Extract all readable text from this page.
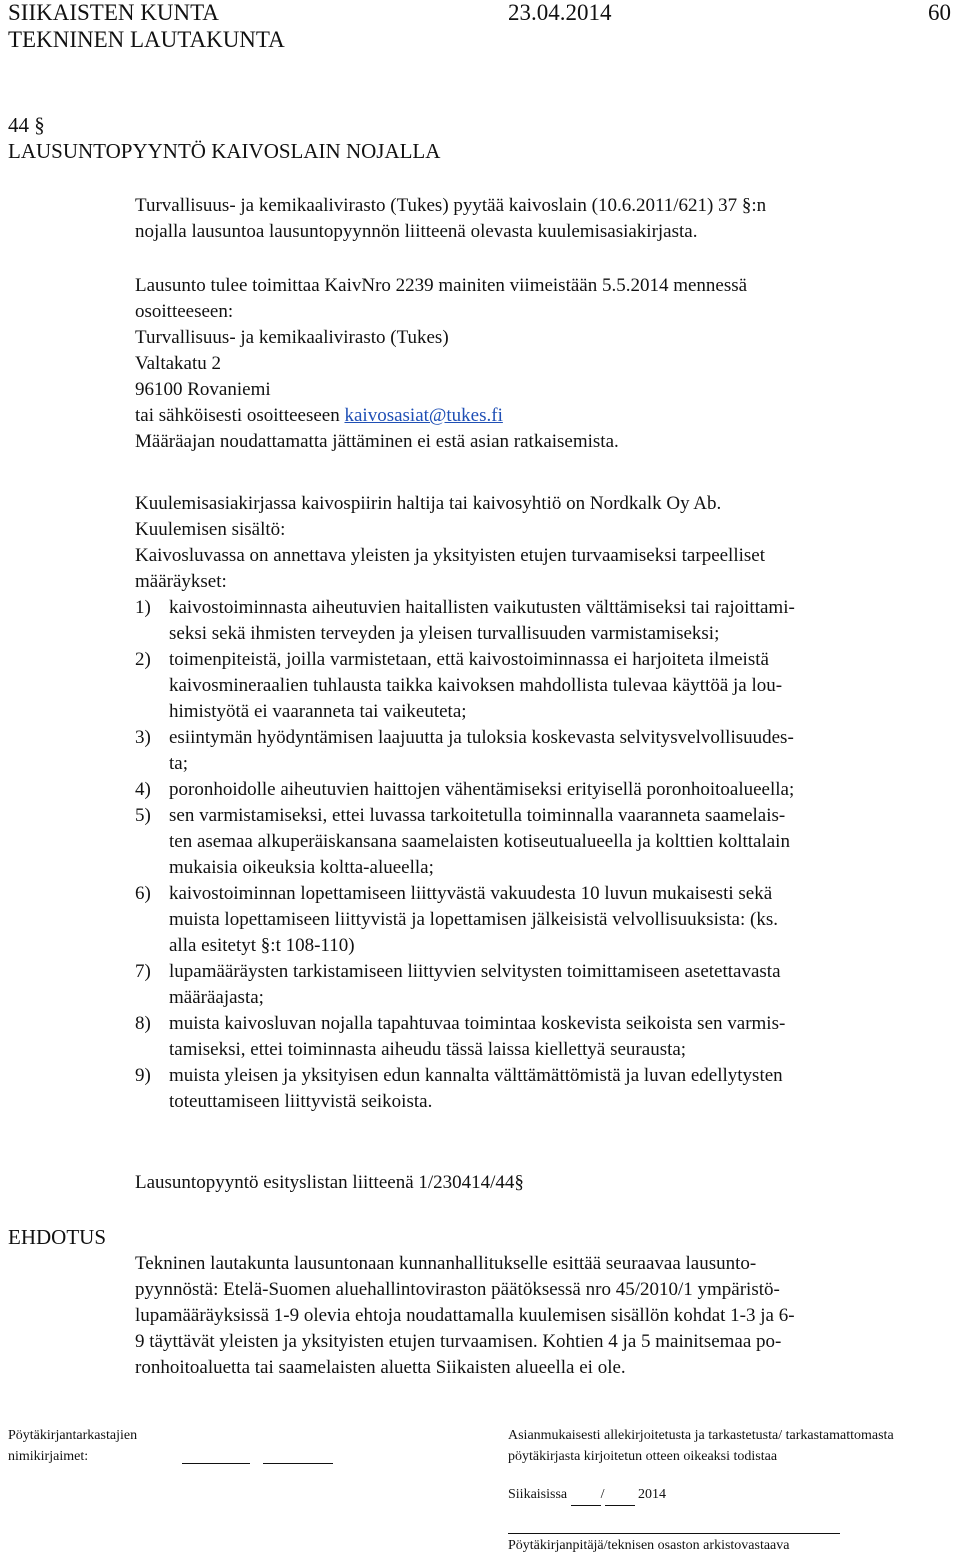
SIIKAISTEN KUNTA	23.04.2014	60
TEKNINEN LAUTAKUNTA
44 §
LAUSUNTOPYYNTÖ KAIVOSLAIN NOJALLA
Turvallisuus- ja kemikaalivirasto (Tukes) pyytää kaivoslain (10.6.2011/621) 37 §:n
nojalla lausuntoa lausuntopyynnön liitteenä olevasta kuulemisasiakirjasta.
Lausunto tulee toimittaa KaivNro 2239 mainiten viimeistään 5.5.2014 mennessä
osoitteeseen:
Turvallisuus- ja kemikaalivirasto (Tukes)
Valtakatu 2
96100 Rovaniemi
tai sähköisesti osoitteeseen kaivosasiat@tukes.fi
Määräajan noudattamatta jättäminen ei estä asian ratkaisemista.
Kuulemisasiakirjassa kaivospiirin haltija tai kaivosyhtiö on Nordkalk Oy Ab.
Kuulemisen sisältö:
Kaivosluvassa on annettava yleisten ja yksityisten etujen turvaamiseksi tarpeelliset
määräykset:
1) kaivostoiminnasta aiheutuvien haitallisten vaikutusten välttämiseksi tai rajoittami-
seksi sekä ihmisten terveyden ja yleisen turvallisuuden varmistamiseksi;
2) toimenpiteistä, joilla varmistetaan, että kaivostoiminnassa ei harjoiteta ilmeistä
kaivosmineraalien tuhlausta taikka kaivoksen mahdollista tulevaa käyttöä ja lou-
himistyötä ei vaaranneta tai vaikeuteta;
3) esiintymän hyödyntämisen laajuutta ja tuloksia koskevasta selvitysvelvollisuudes-
ta;
4) poronhoidolle aiheutuvien haittojen vähentämiseksi erityisellä poronhoitoalueella;
5) sen varmistamiseksi, ettei luvassa tarkoitetulla toiminnalla vaaranneta saamelais-
ten asemaa alkuperäiskansana saamelaisten kotiseutualueella ja kolttien kolttalain
mukaisia oikeuksia koltta-alueella;
6) kaivostoiminnan lopettamiseen liittyvästä vakuudesta 10 luvun mukaisesti sekä
muista lopettamiseen liittyvistä ja lopettamisen jälkeisistä velvollisuuksista: (ks.
alla esitetyt §:t 108-110)
7) lupamääräysten tarkistamiseen liittyvien selvitysten toimittamiseen asetettavasta
määräajasta;
8) muista kaivosluvan nojalla tapahtuvaa toimintaa koskevista seikoista sen varmis-
tamiseksi, ettei toiminnasta aiheudu tässä laissa kiellettyä seurausta;
9) muista yleisen ja yksityisen edun kannalta välttämättömistä ja luvan edellytysten
toteuttamiseen liittyvistä seikoista.
Lausuntopyyntö esityslistan liitteenä 1/230414/44§
EHDOTUS
Tekninen lautakunta lausuntonaan kunnanhallitukselle esittää seuraavaa lausunto-
pyynnöstä: Etelä-Suomen aluehallintoviraston päätöksessä nro 45/2010/1 ympäristö-
lupamääräyksissä 1-9 olevia ehtoja noudattamalla kuulemisen sisällön kohdat 1-3 ja 6-
9 täyttävät yleisten ja yksityisten etujen turvaamisen. Kohtien 4 ja 5 mainitsemaa po-
ronhoitoaluetta tai saamelaisten aluetta Siikaisten alueella ei ole.
Pöytäkirjantarkastajien
nimikirjaimet:
Asianmukaisesti allekirjoitetusta ja tarkastetusta/ tarkastamattomasta
pöytäkirjasta kirjoitetun otteen oikeaksi todistaa
Siikaisissa / 2014
Pöytäkirjanpitäjä/teknisen osaston arkistovastaava
